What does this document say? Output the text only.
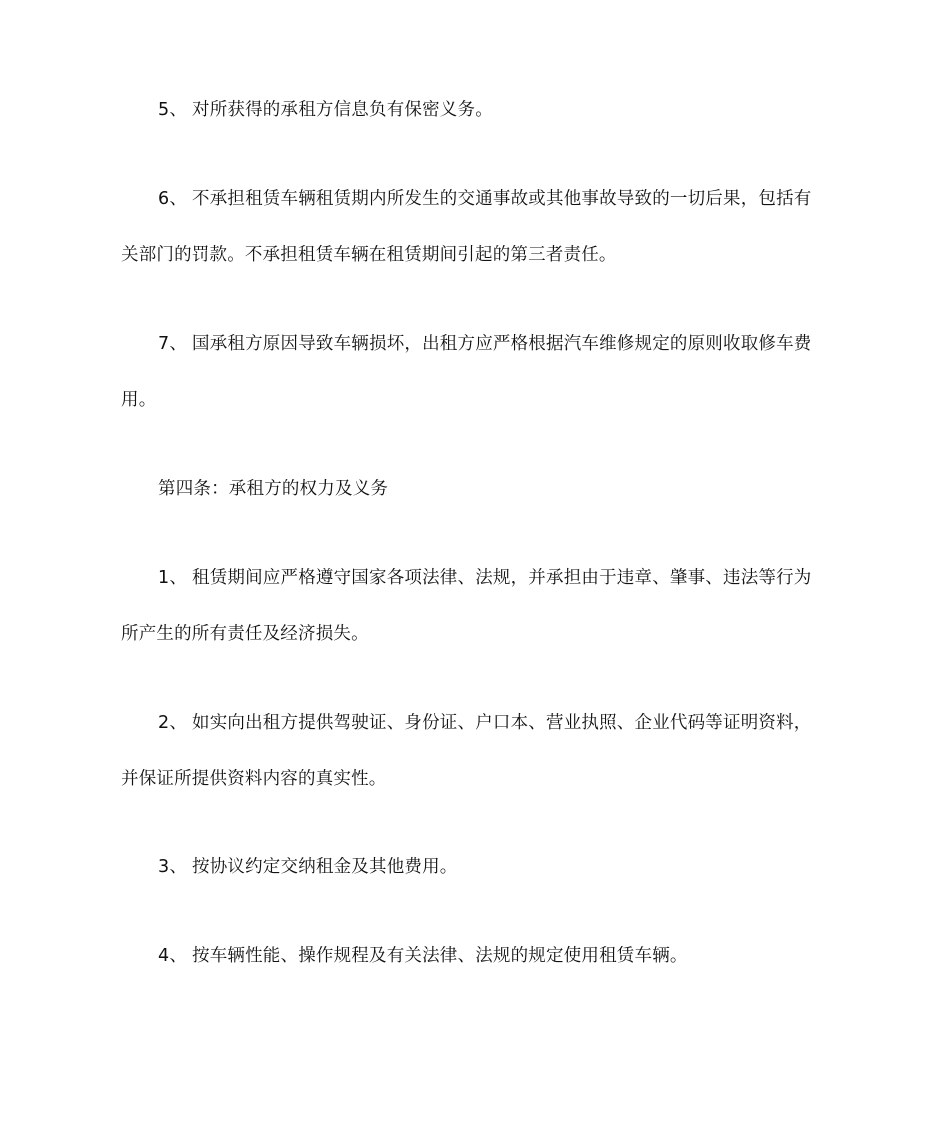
5、 对所获得的承租方信息负有保密义务。
6、 不承担租赁车辆租赁期内所发生的交通事故或其他事故导致的一切后果，包括有
关部门的罚款。不承担租赁车辆在租赁期间引起的第三者责任。
7、 国承租方原因导致车辆损坏，出租方应严格根据汽车维修规定的原则收取修车费
用。
第四条：承租方的权力及义务
1、 租赁期间应严格遵守国家各项法律、法规，并承担由于违章、肇事、违法等行为
所产生的所有责任及经济损失。
2、 如实向出租方提供驾驶证、身份证、户口本、营业执照、企业代码等证明资料，
并保证所提供资料内容的真实性。
3、 按协议约定交纳租金及其他费用。
4、 按车辆性能、操作规程及有关法律、法规的规定使用租赁车辆。
